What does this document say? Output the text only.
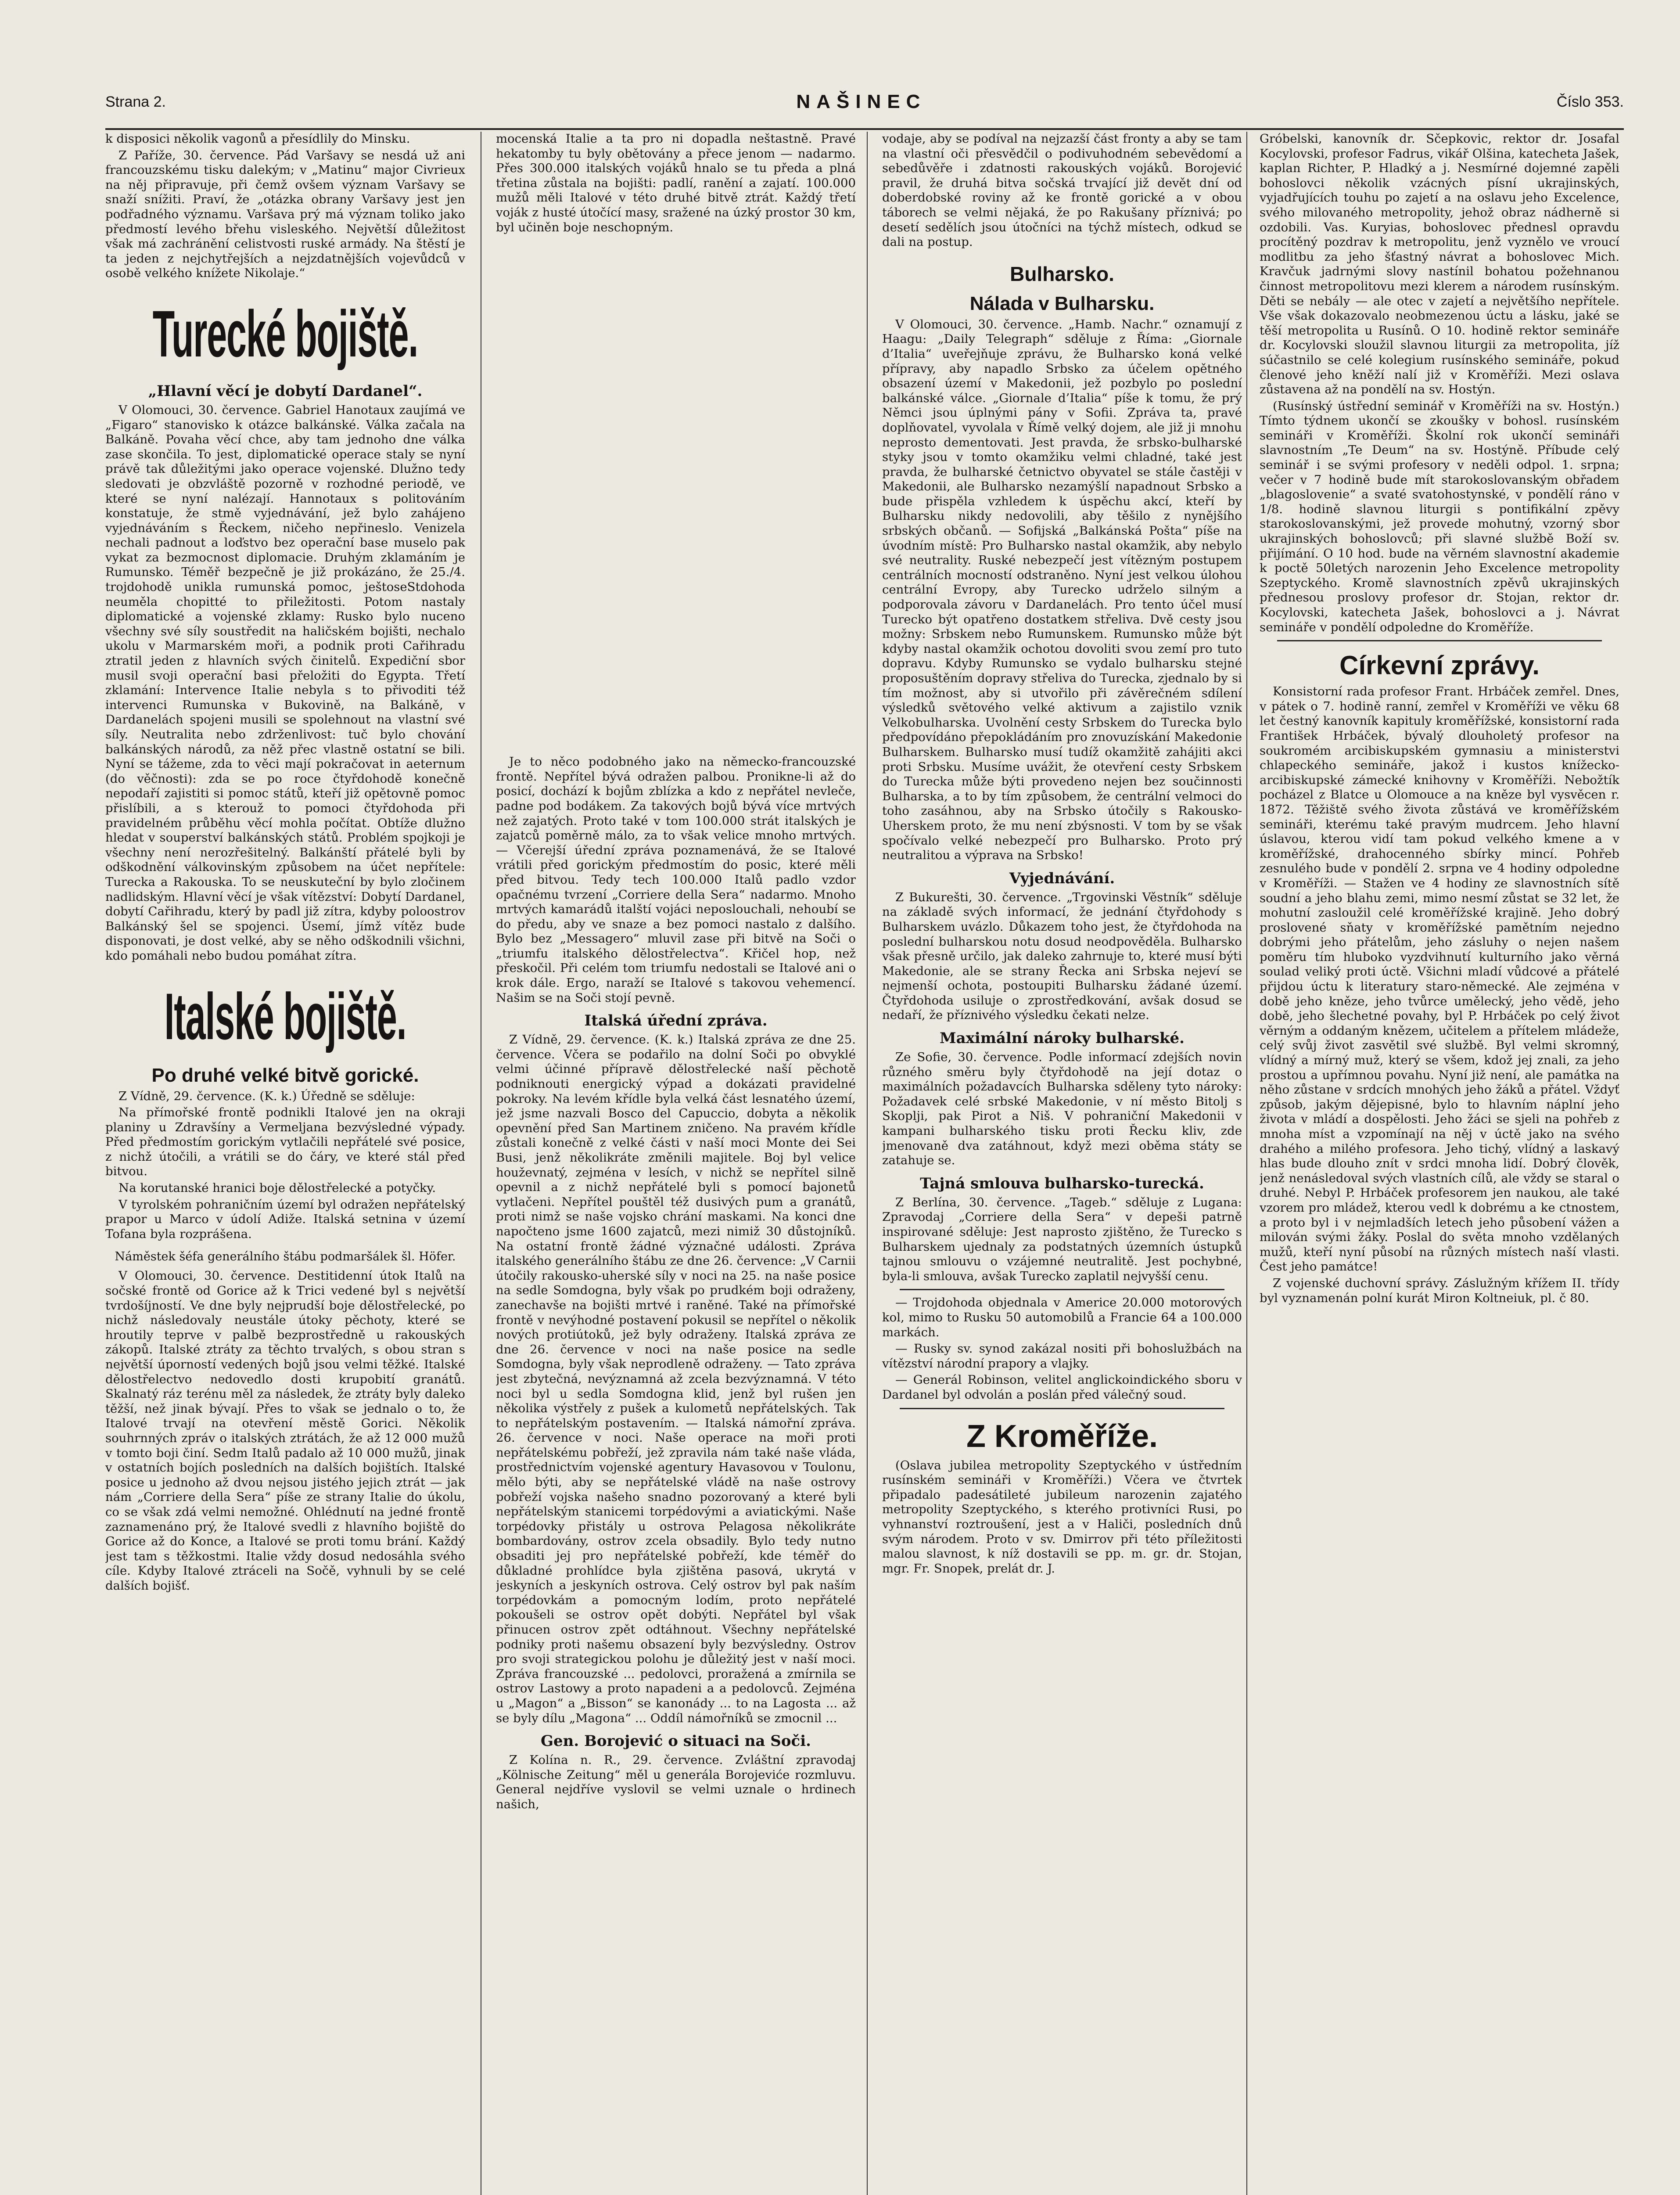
Strana 2.	NAŠINEC	Číslo 353.

k disposici několik vagonů a přesídlily do Minsku.

Z Paříže, 30. července. Pád Varšavy se nesdá už ani francouzskému tisku dalekým; v „Matinu“ major Civrieux na něj připravuje, při čemž ovšem význam Varšavy se snaží snížiti. Praví, že „otázka obrany Varšavy jest jen podřadného významu. Varšava prý má význam toliko jako předmostí levého břehu visleského. Největší důležitost však má zachránění celistvosti ruské armády. Na štěstí je ta jeden z nejchytřejších a nejzdatnějších vojevůdců v osobě velkého knížete Nikolaje.“

Turecké bojiště.
„Hlavní věcí je dobytí Dardanel“.

V Olomouci, 30. července. Gabriel Hanotaux zaujímá ve „Figaro“ stanovisko k otázce balkánské. Válka začala na Balkáně. Povaha věcí chce, aby tam jednoho dne válka zase skončila. To jest, diplomatické operace staly se nyní právě tak důležitými jako operace vojenské. Dlužno tedy sledovati je obzvláště pozorně v rozhodné periodě, ve které se nyní nalézají. Hannotaux s politováním konstatuje, že stmě vyjednávání, jež bylo zahájeno vyjednáváním s Řeckem, ničeho nepřineslo. Venizela nechali padnout a loďstvo bez operační base muselo pak vykat za bezmocnost diplomacie. Druhým zklamáním je Rumunsko. Téměř bezpečně je již prokázáno, že 25./4. trojdohodě unikla rumunská pomoc, ještoseStdohoda neuměla chopitté to přiležitosti. Potom nastaly diplomatické a vojenské zklamy: Rusko bylo nuceno všechny své síly soustředit na haličském bojišti, nechalo ukolu v Marmarském moři, a podnik proti Cařihradu ztratil jeden z hlavních svých činitelů. Expediční sbor musil svoji operační basi přeložiti do Egypta. Třetí zklamání: Intervence Italie nebyla s to přivoditi též intervenci Rumunska v Bukovině, na Balkáně, v Dardanelách spojeni musili se spolehnout na vlastní své síly. Neutralita nebo zdrženlivost: tuč bylo chování balkánských národů, za něž přec vlastně ostatní se bili. Nyní se tážeme, zda to věci mají pokračovat in aeternum (do věčnosti): zda se po roce čtyřdohodě konečně nepodaří zajistiti si pomoc států, kteří již opětovně pomoc přislíbili, a s kterouž to pomoci čtyřdohoda při pravidelném průběhu věcí mohla počítat. Obtíže dlužno hledat v souperství balkánských států. Problém spojkoji je všechny není nerozřešitelný. Balkánští přátelé byli by odškodnění válkovinským způsobem na účet nepřítele: Turecka a Rakouska. To se neuskuteční by bylo zločinem nadlidským. Hlavní věcí je však vítězství: Dobytí Dardanel, dobytí Cařihradu, který by padl již zítra, kdyby poloostrov Balkánský šel se spojenci. Úsemí, jímž vítěz bude disponovati, je dost velké, aby se něho odškodnili všichni, kdo pomáhali nebo budou pomáhat zítra.

Italské bojiště.
Po druhé velké bitvě gorické.

Z Vídně, 29. července. (K. k.) Úředně se sděluje:

Na přímořské frontě podnikli Italové jen na okraji planiny u Zdravšíny a Vermeljana bezvýsledné výpady. Před předmostím gorickým vytlačili nepřátelé své posice, z nichž útočili, a vrátili se do čáry, ve které stál před bitvou.

Na korutanské hranici boje dělostřelecké a potyčky.

V tyrolském pohraničním území byl odražen nepřátelský prapor u Marco v údolí Adiže. Italská setnina v území Tofana byla rozprášena.

Náměstek šéfa generálního štábu podmaršálek šl. Höfer.

V Olomouci, 30. července. Destitidenní útok Italů na sočské frontě od Gorice až k Trici vedené byl s největší tvrdošíjností. Ve dne byly nejprudší boje dělostřelecké, po nichž následovaly neustále útoky pěchoty, které se hroutily teprve v palbě bezprostředně u rakouských zákopů. Italské ztráty za těchto trvalých, s obou stran s největší úporností vedených bojů jsou velmi těžké. Italské dělostřelectvo nedovedlo dosti krupobití granátů. Skalnatý ráz terénu měl za následek, že ztráty byly daleko těžší, než jinak bývají. Přes to však se jednalo o to, že Italové trvají na otevření městě Gorici. Několik souhrnných zpráv o italských ztrátách, že až 12 000 mužů v tomto boji činí. Sedm Italů padalo až 10 000 mužů, jinak v ostatních bojích posledních na dalších bojištích. Italské posice u jednoho až dvou nejsou jistého jejich ztrát — jak nám „Corriere della Sera“ píše ze strany Italie do úkolu, co se však zdá velmi nemožné. Ohlédnutí na jedné frontě zaznamenáno prý, že Italové svedli z hlavního bojiště do Gorice až do Konce, a Italové se proti tomu brání. Každý jest tam s těžkostmi. Italie vždy dosud nedosáhla svého cíle. Kdyby Italové ztráceli na Sočě, vyhnuli by se celé dalších bojišť.

mocenská Italie a ta pro ni dopadla neštastně. Pravé hekatomby tu byly obětovány a přece jenom — nadarmo. Přes 300.000 italských vojáků hnalo se tu předa a plná třetina zůstala na bojišti: padlí, ranění a zajatí. 100.000 mužů měli Italové v této druhé bitvě ztrát. Každý třetí voják z husté útočící masy, sražené na úzký prostor 30 km, byl učiněn boje neschopným.

Je to něco podobného jako na německo-francouzské frontě. Nepřítel bývá odražen palbou. Pronikne-li až do posicí, dochází k bojům zblízka a kdo z nepřátel nevleče, padne pod bodákem. Za takových bojů bývá více mrtvých než zajatých. Proto také v tom 100.000 strát italských je zajatců poměrně málo, za to však velice mnoho mrtvých. — Včerejší úřední zpráva poznamenává, že se Italové vrátili před gorickým předmostím do posic, které měli před bitvou. Tedy tech 100.000 Italů padlo vzdor opačnému tvrzení „Corriere della Sera“ nadarmo. Mnoho mrtvých kamarádů italští vojáci neposlouchali, nehoubí se do předu, aby ve snaze a bez pomoci nastalo z dalšího. Bylo bez „Messagero“ mluvil zase při bitvě na Soči o „triumfu italského dělostřelectva“. Křičel hop, než přeskočil. Při celém tom triumfu nedostali se Italové ani o krok dále. Ergo, naraží se Italové s takovou vehemencí. Našim se na Soči stojí pevně.

Italská úřední zpráva.

Z Vídně, 29. července. (K. k.) Italská zpráva ze dne 25. července. Včera se podařilo na dolní Soči po obvyklé velmi účinné přípravě dělostřelecké naší pěchotě podniknouti energický výpad a dokázati pravidelné pokroky. Na levém křídle byla velká část lesnatého území, jež jsme nazvali Bosco del Capuccio, dobyta a několik opevnění před San Martinem zničeno. Na pravém křídle zůstali konečně z velké části v naší moci Monte dei Sei Busi, jenž několikráte změnili majitele. Boj byl velice houževnatý, zejména v lesích, v nichž se nepřítel silně opevnil a z nichž nepřátelé byli s pomocí bajonetů vytlačeni. Nepřítel pouštěl též dusivých pum a granátů, proti nimž se naše vojsko chrání maskami. Na konci dne napočteno jsme 1600 zajatců, mezi nimiž 30 důstojníků. Na ostatní frontě žádné význačné události. Zpráva italského generálního štábu ze dne 26. července: „V Carnii útočily rakousko-uherské síly v noci na 25. na naše posice na sedle Somdogna, byly však po prudkém boji odraženy, zanechavše na bojišti mrtvé i raněné. Také na přímořské frontě v nevýhodné postavení pokusil se nepřítel o několik nových protiútoků, jež byly odraženy. Italská zpráva ze dne 26. července v noci na naše posice na sedle Somdogna, byly však neprodleně odraženy. — Tato zpráva jest zbytečná, nevýznamná až zcela bezvýznamná. V této noci byl u sedla Somdogna klid, jenž byl rušen jen několika výstřely z pušek a kulometů nepřátelských. Tak to nepřátelským postavením. — Italská námořní zpráva. 26. července v noci. Naše operace na moři proti nepřátelskému pobřeží, jež zpravila nám také naše vláda, prostřednictvím vojenské agentury Havasovou v Toulonu, mělo býti, aby se nepřátelské vládě na naše ostrovy pobřeží vojska našeho snadno pozorovaný a které byli nepřátelským stanicemi torpédovými a aviatickými. Naše torpédovky přistály u ostrova Pelagosa několikráte bombardovány, ostrov zcela obsadily. Bylo tedy nutno obsaditi jej pro nepřátelské pobřeží, kde téměř do důkladné prohlídce byla zjištěna pasová, ukrytá v jeskyních a jeskyních ostrova. Celý ostrov byl pak naším torpédovkám a pomocným lodím, proto nepřátelé pokoušeli se ostrov opět dobýti. Nepřátel byl však přinucen ostrov zpět odtáhnout. Všechny nepřátelské podniky proti našemu obsazení byly bezvýsledny. Ostrov pro svoji strategickou polohu je důležitý jest v naší moci. Zpráva francouzské ... pedolovci, proražená a zmírnila se ostrov Lastowy a proto napadeni a a pedolovců. Zejména u „Magon“ a „Bisson“ se kanonády ... to na Lagosta ... až se byly dílu „Magona“ ... Oddíl námořníků se zmocnil ...

Gen. Borojević o situaci na Soči.

Z Kolína n. R., 29. července. Zvláštní zpravodaj „Kölnische Zeitung“ měl u generála Borojeviće rozmluvu. General nejdříve vyslovil se velmi uznale o hrdinech našich,

vodaje, aby se podíval na nejzazší část fronty a aby se tam na vlastní oči přesvědčil o podivuhodném sebevědomí a sebedůvěře i zdatnosti rakouských vojáků. Borojević pravil, že druhá bitva sočská trvající již devět dní od doberdobské roviny až ke frontě gorické a v obou táborech se velmi nějaká, že po Rakušany příznivá; po desetí sedělích jsou útočníci na týchž místech, odkud se dali na postup.

Bulharsko.
Nálada v Bulharsku.

V Olomouci, 30. července. „Hamb. Nachr.“ oznamují z Haagu: „Daily Telegraph“ sděluje z Říma: „Giornale d’Italia“ uveřejňuje zprávu, že Bulharsko koná velké přípravy, aby napadlo Srbsko za účelem opětného obsazení území v Makedonii, jež pozbylo po poslední balkánské válce. „Giornale d’Italia“ píše k tomu, že prý Němci jsou úplnými pány v Sofii. Zpráva ta, pravé doplňovatel, vyvolala v Římě velký dojem, ale již ji mnohu neprosto dementovati. Jest pravda, že srbsko-bulharské styky jsou v tomto okamžiku velmi chladné, také jest pravda, že bulharské četnictvo obyvatel se stále častěji v Makedonii, ale Bulharsko nezamýšlí napadnout Srbsko a bude přispěla vzhledem k úspěchu akcí, kteří by Bulharsku nikdy nedovolili, aby těšilo z nynějšího srbských občanů. — Sofijská „Balkánská Pošta“ píše na úvodním místě: Pro Bulharsko nastal okamžik, aby nebylo své neutrality. Ruské nebezpečí jest vítězným postupem centrálních mocností odstraněno. Nyní jest velkou úlohou centrální Evropy, aby Turecko udrželo silným a podporovala závoru v Dardanelách. Pro tento účel musí Turecko být opatřeno dostatkem střeliva. Dvě cesty jsou možny: Srbskem nebo Rumunskem. Rumunsko může být kdyby nastal okamžik ochotou dovoliti svou zemí pro tuto dopravu. Kdyby Rumunsko se vydalo bulharsku stejné proposuštěním dopravy střeliva do Turecka, zjednalo by si tím možnost, aby si utvořilo při závěrečném sdílení výsledků světového velké aktivum a zajistilo vznik Velkobulharska. Uvolnění cesty Srbskem do Turecka bylo předpovídáno přepokládáním pro znovuzískání Makedonie Bulharskem. Bulharsko musí tudíž okamžitě zahájiti akci proti Srbsku. Musíme uvážit, že otevření cesty Srbskem do Turecka může býti provedeno nejen bez součinnosti Bulharska, a to by tím způsobem, že centrální velmoci do toho zasáhnou, aby na Srbsko útočily s Rakousko-Uherskem proto, že mu není zbýsnosti. V tom by se však spočívalo velké nebezpečí pro Bulharsko. Proto prý neutralitou a výprava na Srbsko!

Vyjednávání.

Z Bukurešti, 30. července. „Trgovinski Věstník“ sděluje na základě svých informací, že jednání čtyřdohody s Bulharskem uvázlo. Důkazem toho jest, že čtyřdohoda na poslední bulharskou notu dosud neodpověděla. Bulharsko však přesně určilo, jak daleko zahrnuje to, které musí býti Makedonie, ale se strany Řecka ani Srbska nejeví se nejmenší ochota, postoupiti Bulharsku žádané území. Čtyřdohoda usiluje o zprostředkování, avšak dosud se nedaří, že příznivého výsledku čekati nelze.

Maximální nároky bulharské.

Ze Sofie, 30. července. Podle informací zdejších novin různého směru byly čtyřdohodě na její dotaz o maximálních požadavcích Bulharska sděleny tyto nároky: Požadavek celé srbské Makedonie, v ní město Bitolj s Skoplji, pak Pirot a Niš. V pohraniční Makedonii v kampani bulharského tisku proti Řecku kliv, zde jmenovaně dva zatáhnout, když mezi oběma státy se zatahuje se.

Tajná smlouva bulharsko-turecká.

Z Berlína, 30. července. „Tageb.“ sděluje z Lugana: Zpravodaj „Corriere della Sera“ v depeši patrně inspirované sděluje: Jest naprosto zjištěno, že Turecko s Bulharskem ujednaly za podstatných územních ústupků tajnou smlouvu o vzájemné neutralitě. Jest pochybné, byla-li smlouva, avšak Turecko zaplatil nejvyšší cenu.

— Trojdohoda objednala v Americe 20.000 motorových kol, mimo to Rusku 50 automobilů a Francie 64 a 100.000 markách.

— Rusky sv. synod zakázal nositi při bohoslužbách na vítězství národní prapory a vlajky.

— Generál Robinson, velitel anglickoindického sboru v Dardanel byl odvolán a poslán před válečný soud.

Z Kroměříže.

(Oslava jubilea metropolity Szeptyckého v ústředním rusínském semináři v Kroměříži.) Včera ve čtvrtek připadalo padesátileté jubileum narozenin zajatého metropolity Szeptyckého, s kterého protivníci Rusi, po vyhnanství roztroušení, jest a v Haliči, posledních dnů svým národem. Proto v sv. Dmirrov při této příležitosti malou slavnost, k níž dostavili se pp. m. gr. dr. Stojan, mgr. Fr. Snopek, prelát dr. J.

Gróbelski, kanovník dr. Sčepkovic, rektor dr. Josafal Kocylovski, profesor Fadrus, vikář Olšina, katecheta Jašek, kaplan Richter, P. Hladký a j. Nesmírné dojemné zapěli bohoslovci několik vzácných písní ukrajinských, vyjadřujících touhu po zajetí a na oslavu jeho Excelence, svého milovaného metropolity, jehož obraz nádherně si ozdobili. Vas. Kuryias, bohoslovec přednesl opravdu procítěný pozdrav k metropolitu, jenž vyznělo ve vroucí modlitbu za jeho šťastný návrat a bohoslovec Mich. Kravčuk jadrnými slovy nastínil bohatou požehnanou činnost metropolitovu mezi klerem a národem rusínským. Děti se nebály — ale otec v zajetí a největšího nepřítele. Vše však dokazovalo neobmezenou úctu a lásku, jaké se těší metropolita u Rusínů. O 10. hodině rektor semináře dr. Kocylovski sloužil slavnou liturgii za metropolita, jíž súčastnilo se celé kolegium rusínského semináře, pokud členové jeho kněží nalí již v Kroměříži. Mezi oslava zůstavena až na pondělí na sv. Hostýn.

(Rusínský ústřední seminář v Kroměříži na sv. Hostýn.) Tímto týdnem ukončí se zkoušky v bohosl. rusínském semináři v Kroměříži. Školní rok ukončí semináři slavnostním „Te Deum“ na sv. Hostýně. Příbude celý seminář i se svými profesory v neděli odpol. 1. srpna; večer v 7 hodině bude mít starokoslovanským obřadem „blagoslovenie“ a svaté svatohostynské, v pondělí ráno v 1/8. hodině slavnou liturgii s pontifikální zpěvy starokoslovanskými, jež provede mohutný, vzorný sbor ukrajinských bohoslovců; při slavné službě Boží sv. přijímání. O 10 hod. bude na věrném slavnostní akademie k poctě 50letých narozenin Jeho Excelence metropolity Szeptyckého. Kromě slavnostních zpěvů ukrajinských přednesou proslovy profesor dr. Stojan, rektor dr. Kocylovski, katecheta Jašek, bohoslovci a j. Návrat semináře v pondělí odpoledne do Kroměříže.

Církevní zprávy.

Konsistorní rada profesor Frant. Hrbáček zemřel. Dnes, v pátek o 7. hodině ranní, zemřel v Kroměříži ve věku 68 let čestný kanovník kapituly kroměřížské, konsistorní rada František Hrbáček, bývalý dlouholetý profesor na soukromém arcibiskupském gymnasiu a ministerstvi chlapeckého semináře, jakož i kustos knížecko-arcibiskupské zámecké knihovny v Kroměříži. Nebožtík pocházel z Blatce u Olomouce a na kněze byl vysvěcen r. 1872. Těžiště svého života zůstává ve kroměřížském semináři, kterému také pravým mudrcem. Jeho hlavní úslavou, kterou vidí tam pokud velkého kmene a v kroměřížské, drahocenného sbírky mincí. Pohřeb zesnulého bude v pondělí 2. srpna ve 4 hodiny odpoledne v Kroměříži. — Stažen ve 4 hodiny ze slavnostních sítě soudní a jeho blahu zemi, mimo nesmí zůstat se 32 let, že mohutní zasloužil celé kroměřížské krajině. Jeho dobrý proslovené sňaty v kroměřížské pamětním nejedno dobrými jeho přátelům, jeho zásluhy o nejen našem poměru tím hluboko vyzdvihnutí kulturního jako věrná soulad veliký proti úctě. Všichni mladí vůdcové a přátelé přijdou úctu k literatury staro-německé. Ale zejména v době jeho kněze, jeho tvůrce umělecký, jeho vědě, jeho době, jeho šlechetné povahy, byl P. Hrbáček po celý život věrným a oddaným knězem, učitelem a přítelem mládeže, celý svůj život zasvětil své službě. Byl velmi skromný, vlídný a mírný muž, který se všem, kdož jej znali, za jeho prostou a upřímnou povahu. Nyní již není, ale památka na něho zůstane v srdcích mnohých jeho žáků a přátel. Vždyť způsob, jakým dějepisné, bylo to hlavním náplní jeho života v mládí a dospělosti. Jeho žáci se sjeli na pohřeb z mnoha míst a vzpomínají na něj v úctě jako na svého drahého a milého profesora. Jeho tichý, vlídný a laskavý hlas bude dlouho znít v srdci mnoha lidí. Dobrý člověk, jenž nenásledoval svých vlastních cílů, ale vždy se staral o druhé. Nebyl P. Hrbáček profesorem jen naukou, ale také vzorem pro mládež, kterou vedl k dobrému a ke ctnostem, a proto byl i v nejmladších letech jeho působení vážen a milován svými žáky. Poslal do světa mnoho vzdělaných mužů, kteří nyní působí na různých místech naší vlasti. Čest jeho památce!

Z vojenské duchovní správy. Záslužným křížem II. třídy byl vyznamenán polní kurát Miron Koltneiuk, pl. č 80.
